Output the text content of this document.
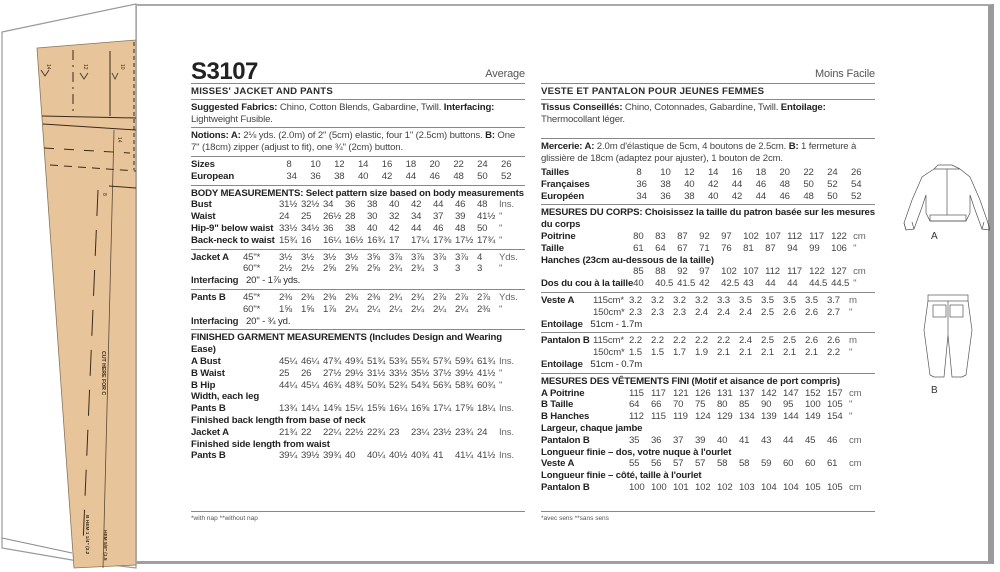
14	12	10
14
8
CUT HERE FOR C
B HEM 1 1/4" (3.2	HEM 5/8" (1.5
S3107	Average
MISSES' JACKET AND PANTS
Suggested Fabrics: Chino, Cotton Blends, Gabardine, Twill. Interfacing: Lightweight Fusible.
Notions: A: 2⅛ yds. (2.0m) of 2" (5cm) elastic, four 1" (2.5cm) buttons. B: One 7" (18cm) zipper (adjust to fit), one ¾" (2cm) button.
Sizes	8	10	12	14	16	18	20	22	24	26
European	34	36	38	40	42	44	46	48	50	52
BODY MEASUREMENTS: Select pattern size based on body measurements
Bust	31½	32½	34	36	38	40	42	44	46	48	Ins.
Waist	24	25	26½	28	30	32	34	37	39	41½	"
Hip-9" below waist	33½	34½	36	38	40	42	44	46	48	50	"
Back-neck to waist	15¾	16	16¼	16½	16¾	17	17¼	17⅜	17½	17¾	"
Jacket A	45"*	3½	3½	3½	3½	3⅝	3⅞	3⅞	3⅞	3⅞	4	Yds.
	60"*	2½	2½	2⅝	2⅝	2⅝	2¾	2¾	3	3	3	"
Interfacing 20" - 1⅞ yds.
Pants B	45"*	2⅜	2⅜	2⅜	2⅜	2⅜	2¾	2¾	2⅞	2⅞	2⅞	Yds.
	60"*	1⅝	1⅝	1⅞	2¼	2¼	2¼	2¼	2¼	2¼	2⅜	"
Interfacing 20" - ¾ yd.
FINISHED GARMENT MEASUREMENTS (Includes Design and Wearing Ease)
A Bust	45¼	46¼	47¾	49¾	51¾	53¾	55¾	57¾	59¾	61¾	Ins.
B Waist	25	26	27½	29½	31½	33½	35½	37½	39½	41½	"
B Hip	44¼	45¼	46¾	48¾	50¾	52¾	54¾	56¾	58¾	60¾	"
Width, each leg											
Pants B	13¾	14¼	14⅝	15¼	15⅝	16¼	16⅝	17¼	17⅝	18¼	Ins.
Finished back length from base of neck											
Jacket A	21¾	22	22¼	22½	22¾	23	23¼	23½	23¾	24	Ins.
Finished side length from waist											
Pants B	39¼	39½	39¾	40	40¼	40½	40¾	41	41¼	41½	Ins.
*with nap **without nap
Moins Facile
VESTE ET PANTALON POUR JEUNES FEMMES
Tissus Conseillés: Chino, Cotonnades, Gabardine, Twill. Entoilage: Thermocollant léger.
Mercerie: A: 2.0m d'élastique de 5cm, 4 boutons de 2.5cm. B: 1 fermeture à glissière de 18cm (adaptez pour ajuster), 1 bouton de 2cm.
Tailles	8	10	12	14	16	18	20	22	24	26
Françaises	36	38	40	42	44	46	48	50	52	54
Européen	34	36	38	40	42	44	46	48	50	52
MESURES DU CORPS: Choisissez la taille du patron basée sur les mesures du corps
Poitrine	80	83	87	92	97	102	107	112	117	122	cm
Taille	61	64	67	71	76	81	87	94	99	106	"
Hanches (23cm au-dessous de la taille)											
	85	88	92	97	102	107	112	117	122	127	cm
Dos du cou à la taille	40	40.5	41.5	42	42.5	43	44	44	44.5	44.5	"
Veste A	115cm*	3.2	3.2	3.2	3.2	3.3	3.5	3.5	3.5	3.5	3.7	m
	150cm*	2.3	2.3	2.3	2.4	2.4	2.4	2.5	2.6	2.6	2.7	"
Entoilage 51cm - 1.7m
Pantalon B	115cm*	2.2	2.2	2.2	2.2	2.2	2.4	2.5	2.5	2.6	2.6	m
	150cm*	1.5	1.5	1.7	1.9	2.1	2.1	2.1	2.1	2.1	2.2	"
Entoilage 51cm - 0.7m
MESURES DES VÊTEMENTS FINI (Motif et aisance de port compris)
A Poitrine	115	117	121	126	131	137	142	147	152	157	cm
B Taille	64	66	70	75	80	85	90	95	100	105	"
B Hanches	112	115	119	124	129	134	139	144	149	154	"
Largeur, chaque jambe											
Pantalon B	35	36	37	39	40	41	43	44	45	46	cm
Longueur finie – dos, votre nuque à l'ourlet											
Veste A	55	56	57	57	58	58	59	60	60	61	cm
Longueur finie – côté, taille à l'ourlet											
Pantalon B	100	100	101	102	102	103	104	104	105	105	cm
*avec sens **sans sens
A
B
